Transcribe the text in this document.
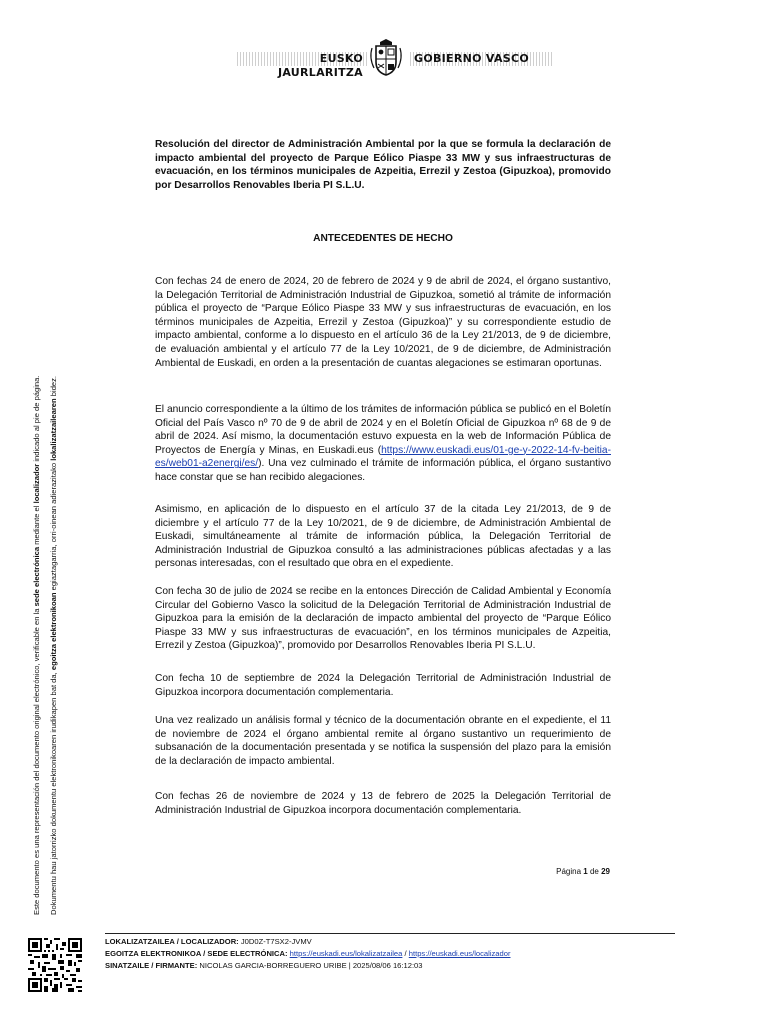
EUSKO JAURLARITZA
GOBIERNO VASCO
Resolución del director de Administración Ambiental por la que se formula la declaración de impacto ambiental del proyecto de Parque Eólico Piaspe 33 MW y sus infraestructuras de evacuación, en los términos municipales de Azpeitia, Errezil y Zestoa (Gipuzkoa), promovido por Desarrollos Renovables Iberia PI S.L.U.
ANTECEDENTES DE HECHO
Con fechas 24 de enero de 2024, 20 de febrero de 2024 y 9 de abril de 2024, el órgano sustantivo, la Delegación Territorial de Administración Industrial de Gipuzkoa, sometió al trámite de información pública el proyecto de “Parque Eólico Piaspe 33 MW y sus infraestructuras de evacuación, en los términos municipales de Azpeitia, Errezil y Zestoa (Gipuzkoa)” y su correspondiente estudio de impacto ambiental, conforme a lo dispuesto en el artículo 36 de la Ley 21/2013, de 9 de diciembre, de evaluación ambiental y el artículo 77 de la Ley 10/2021, de 9 de diciembre, de Administración Ambiental de Euskadi, en orden a la presentación de cuantas alegaciones se estimaran oportunas.
El anuncio correspondiente a la último de los trámites de información pública se publicó en el Boletín Oficial del País Vasco nº 70 de 9 de abril de 2024 y en el Boletín Oficial de Gipuzkoa nº 68 de 9 de abril de 2024. Así mismo, la documentación estuvo expuesta en la web de Información Pública de Proyectos de Energía y Minas, en Euskadi.eus (https://www.euskadi.eus/01-ge-y-2022-14-fv-beitia-es/web01-a2energi/es/). Una vez culminado el trámite de información pública, el órgano sustantivo hace constar que se han recibido alegaciones.
Asimismo, en aplicación de lo dispuesto en el artículo 37 de la citada Ley 21/2013, de 9 de diciembre y el artículo 77 de la Ley 10/2021, de 9 de diciembre, de Administración Ambiental de Euskadi, simultáneamente al trámite de información pública, la Delegación Territorial de Administración Industrial de Gipuzkoa consultó a las administraciones públicas afectadas y a las personas interesadas, con el resultado que obra en el expediente.
Con fecha 30 de julio de 2024 se recibe en la entonces Dirección de Calidad Ambiental y Economía Circular del Gobierno Vasco la solicitud de la Delegación Territorial de Administración Industrial de Gipuzkoa para la emisión de la declaración de impacto ambiental del proyecto de “Parque Eólico Piaspe 33 MW y sus infraestructuras de evacuación”, en los términos municipales de Azpeitia, Errezil y Zestoa (Gipuzkoa)”, promovido por Desarrollos Renovables Iberia PI S.L.U.
Con fecha 10 de septiembre de 2024 la Delegación Territorial de Administración Industrial de Gipuzkoa incorpora documentación complementaria.
Una vez realizado un análisis formal y técnico de la documentación obrante en el expediente, el 11 de noviembre de 2024 el órgano ambiental remite al órgano sustantivo un requerimiento de subsanación de la documentación presentada y se notifica la suspensión del plazo para la emisión de la declaración de impacto ambiental.
Con fechas 26 de noviembre de 2024 y 13 de febrero de 2025 la Delegación Territorial de Administración Industrial de Gipuzkoa incorpora documentación complementaria.
Página 1 de 29
Este documento es una representación del documento original electrónico, verificable en la sede electrónica mediante el localizador indicado al pie de página.
Dokumentu hau jatorrizko dokumentu elektronikoaren irudikapen bat da, egoitza elektronikoan egiaztagarria, orri-oinean adierazitako lokalizatzailearen bidez.
LOKALIZATZAILEA / LOCALIZADOR: J0D0Z-T7SX2-JVMV
EGOITZA ELEKTRONIKOA / SEDE ELECTRÓNICA: https://euskadi.eus/lokalizatzailea / https://euskadi.eus/localizador
SINATZAILE / FIRMANTE: NICOLAS GARCIA-BORREGUERO URIBE | 2025/08/06 16:12:03
